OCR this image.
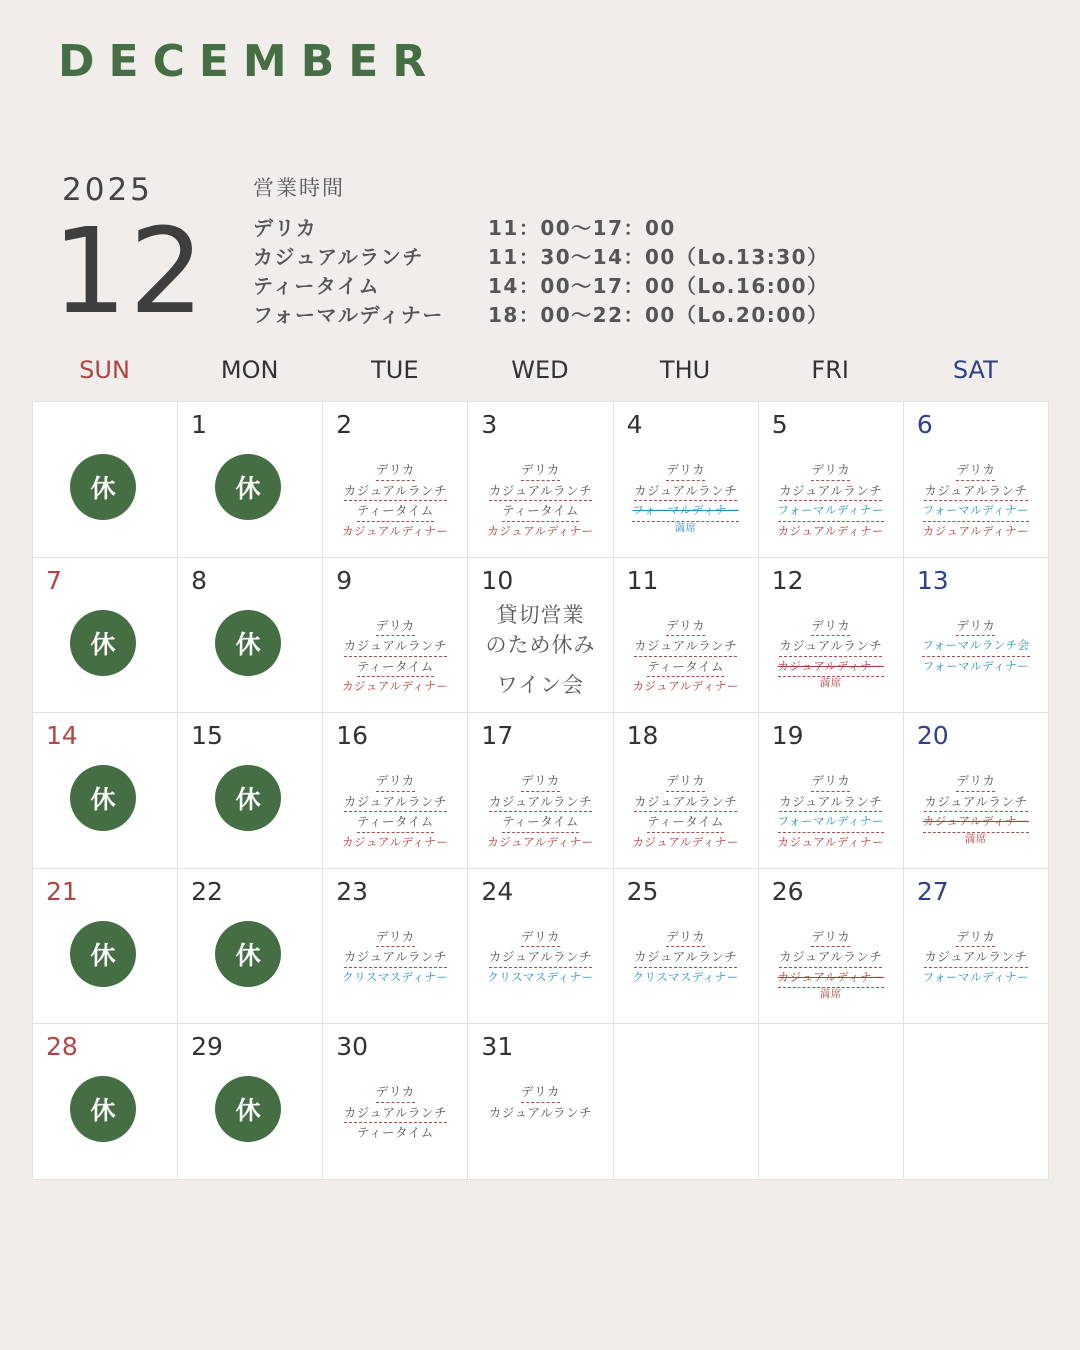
DECEMBER
2025
12
営業時間
デリカ	11：00〜17：00
カジュアルランチ	11：30〜14：00（Lo.13:30）
ティータイム	14：00〜17：00（Lo.16:00）
フォーマルディナー	18：00〜22：00（Lo.20:00）
SUN	MON	TUE	WED	THU	FRI	SAT
休
1
休
2
デリカ
カジュアルランチ
ティータイム
カジュアルディナー
3
デリカ
カジュアルランチ
ティータイム
カジュアルディナー
4
デリカ
カジュアルランチ
フォーマルディナー
満席
5
デリカ
カジュアルランチ
フォーマルディナー
カジュアルディナー
6
デリカ
カジュアルランチ
フォーマルディナー
カジュアルディナー
7
休
8
休
9
デリカ
カジュアルランチ
ティータイム
カジュアルディナー
10
貸切営業
のため休み
ワイン会
11
デリカ
カジュアルランチ
ティータイム
カジュアルディナー
12
デリカ
カジュアルランチ
カジュアルディナー
満席
13
デリカ
フォーマルランチ会
フォーマルディナー
14
休
15
休
16
デリカ
カジュアルランチ
ティータイム
カジュアルディナー
17
デリカ
カジュアルランチ
ティータイム
カジュアルディナー
18
デリカ
カジュアルランチ
ティータイム
カジュアルディナー
19
デリカ
カジュアルランチ
フォーマルディナー
カジュアルディナー
20
デリカ
カジュアルランチ
カジュアルディナー
満席
21
休
22
休
23
デリカ
カジュアルランチ
クリスマスディナー
24
デリカ
カジュアルランチ
クリスマスディナー
25
デリカ
カジュアルランチ
クリスマスディナー
26
デリカ
カジュアルランチ
カジュアルディナー
満席
27
デリカ
カジュアルランチ
フォーマルディナー
28
休
29
休
30
デリカ
カジュアルランチ
ティータイム
31
デリカ
カジュアルランチ
